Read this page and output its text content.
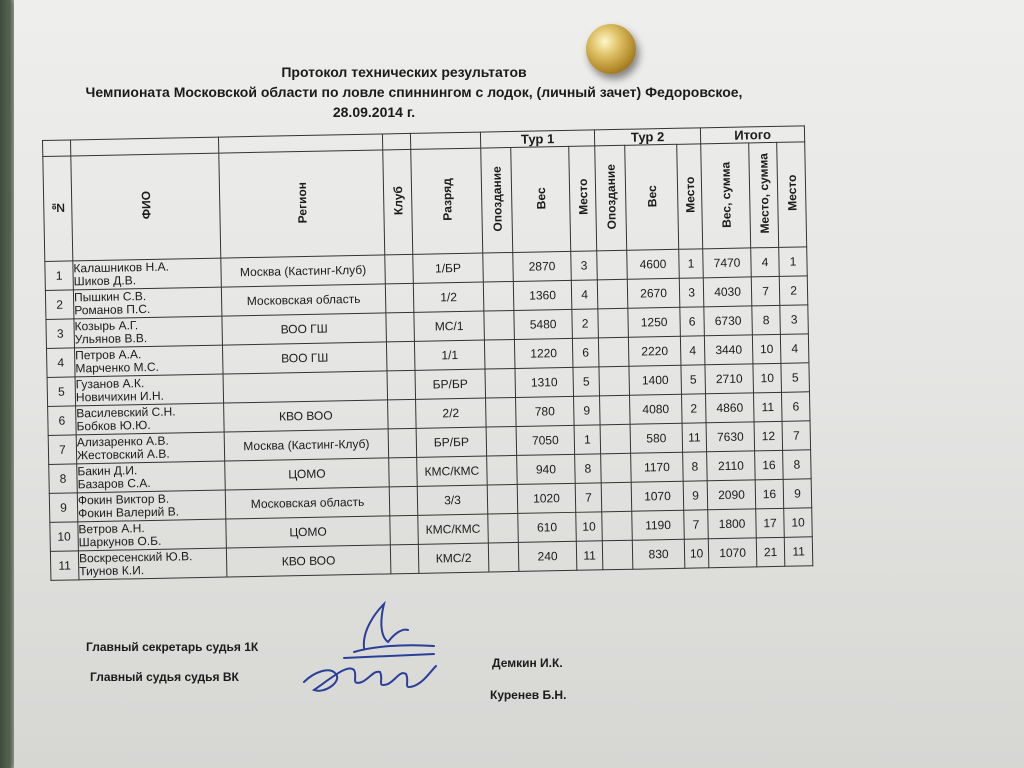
Протокол технических результатов
Чемпионата Московской области по ловле спиннингом с лодок, (личный зачет) Федоровское,
28.09.2014 г.
					Тур 1			Тур 2			Итого		
№	ФИО	Регион	Клуб	Разряд	Опоздание	Вес	Место	Опоздание	Вес	Место	Вес, сумма	Место, сумма	Место
1	Калашников Н.А.
Шиков Д.В.	Москва (Кастинг-Клуб)		1/БР		2870	3		4600	1	7470	4	1
2	Пышкин С.В.
Романов П.С.	Московская область		1/2		1360	4		2670	3	4030	7	2
3	Козырь А.Г.
Ульянов В.В.	ВОО ГШ		МС/1		5480	2		1250	6	6730	8	3
4	Петров А.А.
Марченко М.С.	ВОО ГШ		1/1		1220	6		2220	4	3440	10	4
5	Гузанов А.К.
Новичихин И.Н.			БР/БР		1310	5		1400	5	2710	10	5
6	Василевский С.Н.
Бобков Ю.Ю.	КВО ВОО		2/2		780	9		4080	2	4860	11	6
7	Ализаренко А.В.
Жестовский А.В.	Москва (Кастинг-Клуб)		БР/БР		7050	1		580	11	7630	12	7
8	Бакин Д.И.
Базаров С.А.	ЦОМО		КМС/КМС		940	8		1170	8	2110	16	8
9	Фокин Виктор В.
Фокин Валерий В.	Московская область		3/3		1020	7		1070	9	2090	16	9
10	Ветров А.Н.
Шаркунов О.Б.	ЦОМО		КМС/КМС		610	10		1190	7	1800	17	10
11	Воскресенский Ю.В.
Тиунов К.И.	КВО ВОО		КМС/2		240	11		830	10	1070	21	11
Главный секретарь судья 1К
Главный судья судья ВК
Демкин И.К.
Куренев Б.Н.
